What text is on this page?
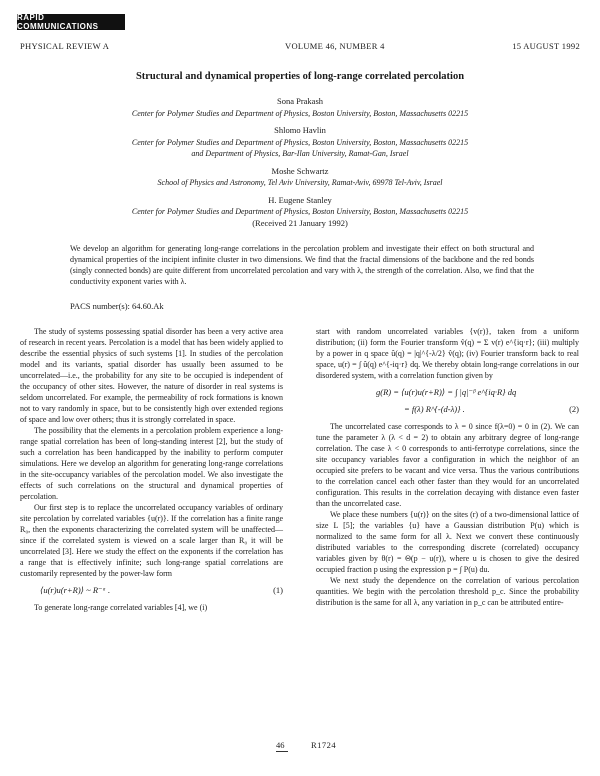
RAPID COMMUNICATIONS
PHYSICAL REVIEW A	VOLUME 46, NUMBER 4	15 AUGUST 1992
Structural and dynamical properties of long-range correlated percolation
Sona Prakash
Center for Polymer Studies and Department of Physics, Boston University, Boston, Massachusetts 02215
Shlomo Havlin
Center for Polymer Studies and Department of Physics, Boston University, Boston, Massachusetts 02215
and Department of Physics, Bar-Ilan University, Ramat-Gan, Israel
Moshe Schwartz
School of Physics and Astronomy, Tel Aviv University, Ramat-Aviv, 69978 Tel-Aviv, Israel
H. Eugene Stanley
Center for Polymer Studies and Department of Physics, Boston University, Boston, Massachusetts 02215
(Received 21 January 1992)
We develop an algorithm for generating long-range correlations in the percolation problem and investigate their effect on both structural and dynamical properties of the incipient infinite cluster in two dimensions. We find that the fractal dimensions of the backbone and the red bonds (singly connected bonds) are quite different from uncorrelated percolation and vary with λ, the strength of the correlation. Also, we find that the conductivity exponent varies with λ.
PACS number(s): 64.60.Ak

The study of systems possessing spatial disorder has been a very active area of research in recent years. Percolation is a model that has been widely applied to describe the essential physics of such systems [1]. In studies of the percolation model and its variants, spatial disorder has usually been assumed to be uncorrelated—i.e., the probability for any site to be occupied is independent of the occupancy of other sites. However, the nature of disorder in real systems is seldom uncorrelated. For example, the permeability of rock formations is known not to vary randomly in space, but to be consistently high over extended regions of space and low over others; thus it is strongly correlated in space.

The possibility that the elements in a percolation problem experience a long-range spatial correlation has been of long-standing interest [2], but the study of such a correlation has been handicapped by the inability to perform computer simulations. Here we develop an algorithm for generating long-range correlations in the site-occupancy variables of the percolation model. We also investigate the effects of such correlations on the structural and dynamical properties of percolation.

Our first step is to replace the uncorrelated occupancy variables of ordinary site percolation by correlated variables {u(r)}. If the correlation has a finite range R₀, then the exponents characterizing the correlated system will be unaffected—since if the correlated system is viewed on a scale larger than R₀ it will be uncorrelated [3]. Here we study the effect on the exponents if the correlation has a range that is effectively infinite; such long-range spatial correlations are customarily represented by the power-law form

⟨u(r)u(r+R)⟩ ~ R⁻ᵅ .	(1)

To generate long-range correlated variables [4], we (i)

start with random uncorrelated variables {v(r)}, taken from a uniform distribution; (ii) form the Fourier transform v̂(q) = Σ v(r) e^{iq·r}; (iii) multiply by a power in q space û(q) = |q|^{-λ/2} v̂(q); (iv) Fourier transform back to real space, u(r) = ∫ û(q) e^{-iq·r} dq. We thereby obtain long-range correlations in our disordered system, with a correlation function given by

g(R) = ⟨u(r)u(r+R)⟩ = ∫ |q|⁻ᵝ e^{iq·R} dq
= f(λ) R^{-(d-λ)} .	(2)

The uncorrelated case corresponds to λ = 0 since f(λ=0) = 0 in (2). We can tune the parameter λ (λ < d = 2) to obtain any arbitrary degree of long-range correlation. The case λ < 0 corresponds to anti-ferrotype correlations, since the site occupancy variables favor a configuration in which the neighbor of an occupied site prefers to be vacant and vice versa. Thus the various contributions to the correlation cancel each other faster than they would for an uncorrelated configuration. This results in the correlation decaying with distance even faster than the uncorrelated case.

We place these numbers {u(r)} on the sites (r) of a two-dimensional lattice of size L [5]; the variables {u} have a Gaussian distribution P(u) which is normalized to the same form for all λ. Next we convert these continuously distributed variables to the corresponding discrete (correlated) occupancy variables given by θ(r) = Θ(p − u(r)), where u is chosen to give the desired occupied fraction p using the expression p = ∫ P(u) du.

We next study the dependence on the correlation of various percolation quantities. We begin with the percolation threshold p_c. Since the probability distribution is the same for all λ, any variation in p_c can be attributed entire-

46	R1724
